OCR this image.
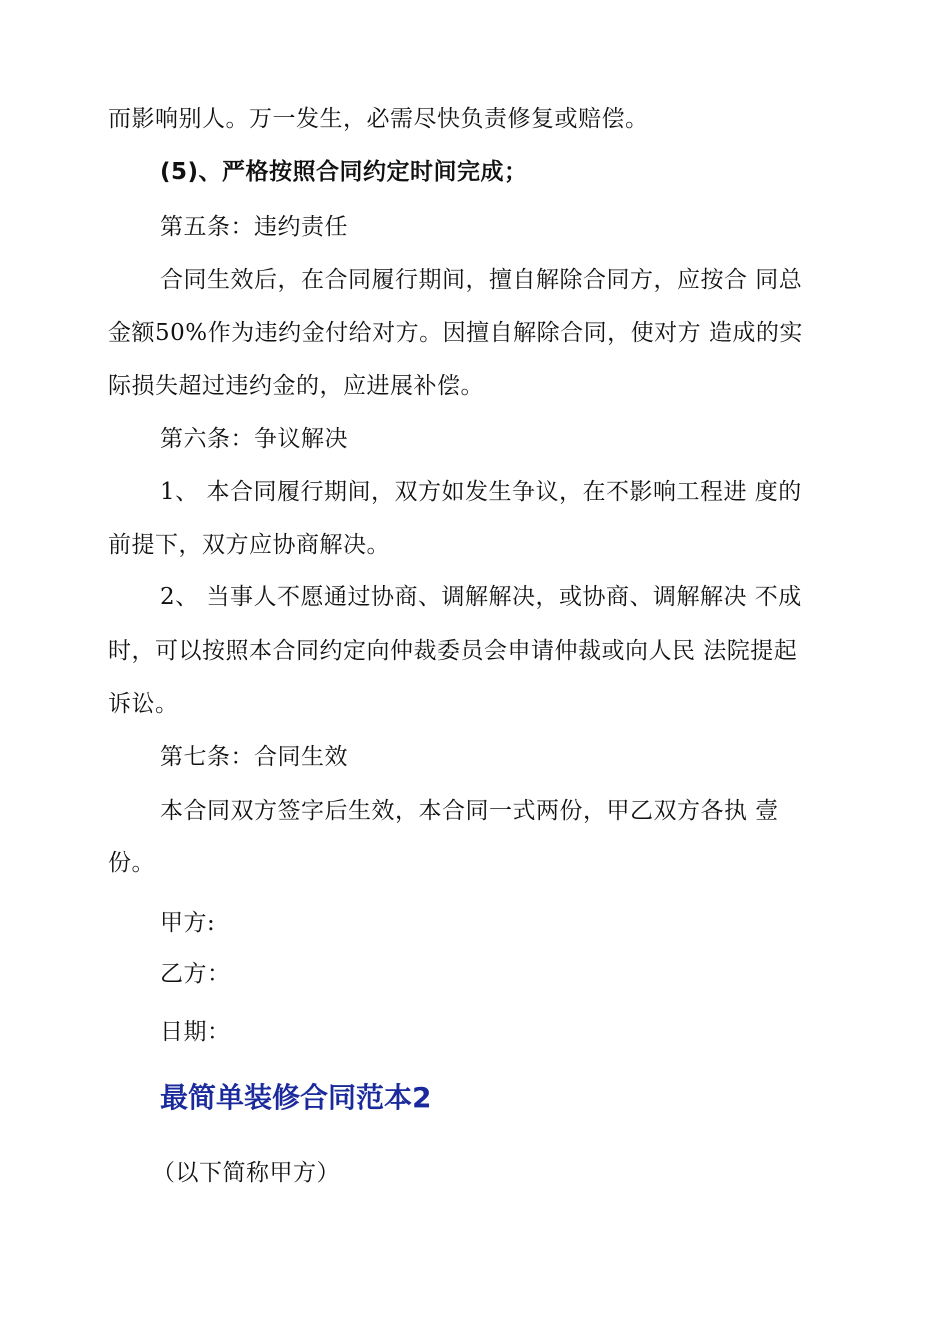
而影响别人。万一发生，必需尽快负责修复或赔偿。
(5)、严格按照合同约定时间完成；
第五条：违约责任
合同生效后，在合同履行期间，擅自解除合同方，应按合 同总
金额50%作为违约金付给对方。因擅自解除合同，使对方 造成的实
际损失超过违约金的，应进展补偿。
第六条：争议解决
1、 本合同履行期间，双方如发生争议，在不影响工程进 度的
前提下，双方应协商解决。
2、 当事人不愿通过协商、调解解决，或协商、调解解决 不成
时，可以按照本合同约定向仲裁委员会申请仲裁或向人民 法院提起
诉讼。
第七条：合同生效
本合同双方签字后生效，本合同一式两份，甲乙双方各执 壹
份。
甲方:
乙方：
日期：
最简单装修合同范本2
（以下简称甲方）
